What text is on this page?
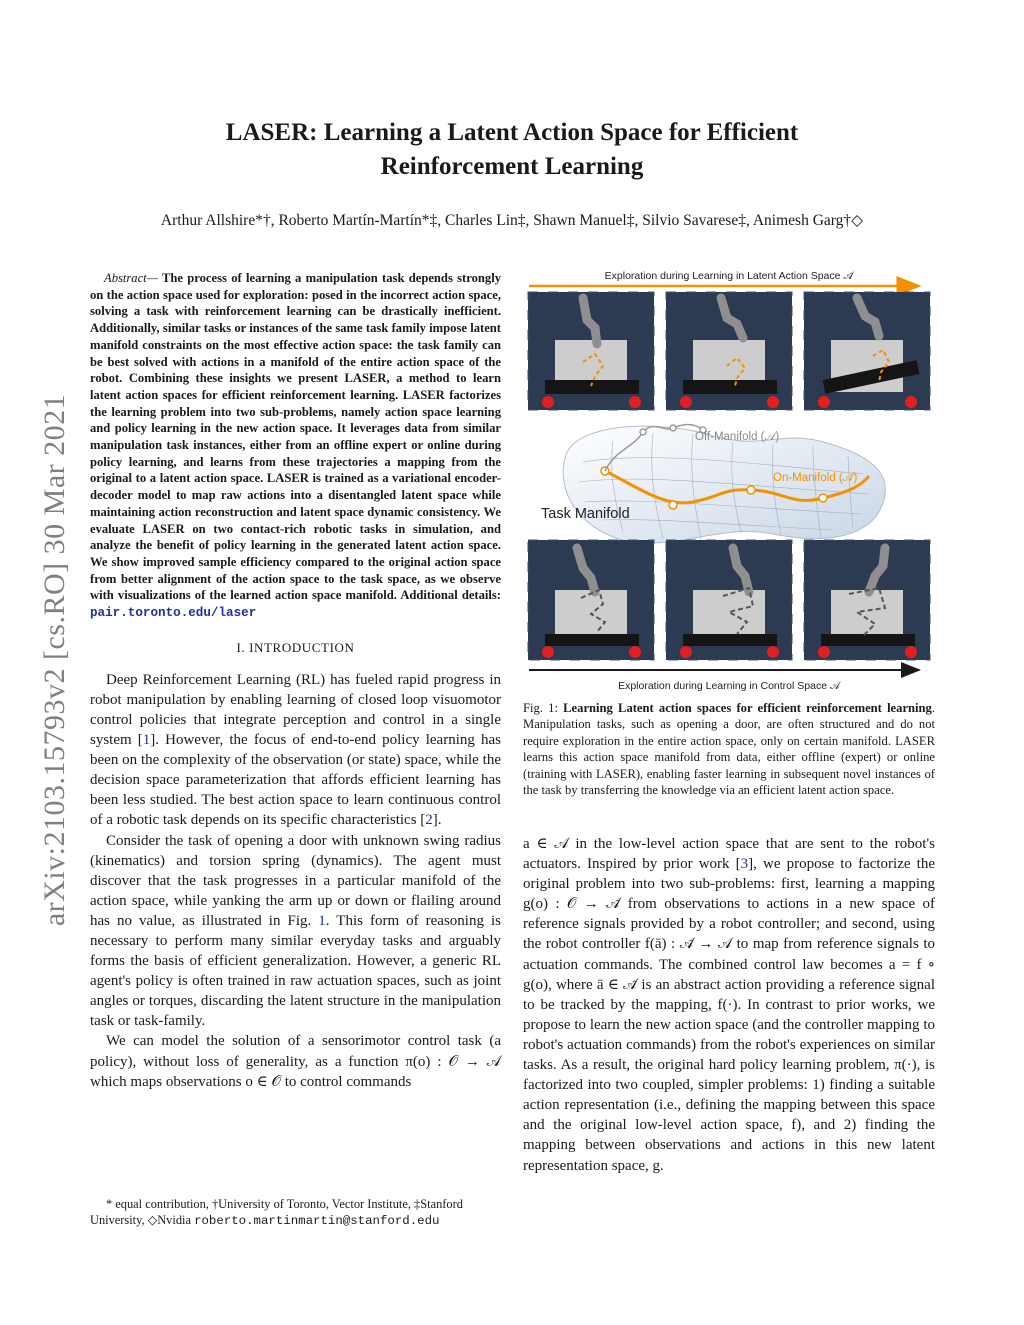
arXiv:2103.15793v2 [cs.RO] 30 Mar 2021
LASER: Learning a Latent Action Space for Efficient
Reinforcement Learning
Arthur Allshire*†, Roberto Martín-Martín*‡, Charles Lin‡, Shawn Manuel‡, Silvio Savarese‡, Animesh Garg†◇
Abstract— The process of learning a manipulation task depends strongly on the action space used for exploration: posed in the incorrect action space, solving a task with reinforcement learning can be drastically inefficient. Additionally, similar tasks or instances of the same task family impose latent manifold constraints on the most effective action space: the task family can be best solved with actions in a manifold of the entire action space of the robot. Combining these insights we present LASER, a method to learn latent action spaces for efficient reinforcement learning. LASER factorizes the learning problem into two sub-problems, namely action space learning and policy learning in the new action space. It leverages data from similar manipulation task instances, either from an offline expert or online during policy learning, and learns from these trajectories a mapping from the original to a latent action space. LASER is trained as a variational encoder-decoder model to map raw actions into a disentangled latent space while maintaining action reconstruction and latent space dynamic consistency. We evaluate LASER on two contact-rich robotic tasks in simulation, and analyze the benefit of policy learning in the generated latent action space. We show improved sample efficiency compared to the original action space from better alignment of the action space to the task space, as we observe with visualizations of the learned action space manifold. Additional details: pair.toronto.edu/laser
I. INTRODUCTION

Deep Reinforcement Learning (RL) has fueled rapid progress in robot manipulation by enabling learning of closed loop visuomotor control policies that integrate perception and control in a single system [1]. However, the focus of end-to-end policy learning has been on the complexity of the observation (or state) space, while the decision space parameterization that affords efficient learning has been less studied. The best action space to learn continuous control of a robotic task depends on its specific characteristics [2].

Consider the task of opening a door with unknown swing radius (kinematics) and torsion spring (dynamics). The agent must discover that the task progresses in a particular manifold of the action space, while yanking the arm up or down or flailing around has no value, as illustrated in Fig. 1. This form of reasoning is necessary to perform many similar everyday tasks and arguably forms the basis of efficient generalization. However, a generic RL agent's policy is often trained in raw actuation spaces, such as joint angles or torques, discarding the latent structure in the manipulation task or task-family.

We can model the solution of a sensorimotor control task (a policy), without loss of generality, as a function π(o) : 𝒪 → 𝒜 which maps observations o ∈ 𝒪 to control commands

* equal contribution, †University of Toronto, Vector Institute, ‡Stanford University, ◇Nvidia roberto.martinmartin@stanford.edu
Exploration during Learning in Latent Action Space 𝒜̄
Off-Manifold (𝒜)
On-Manifold (𝒜̄)
Task Manifold
Exploration during Learning in Control Space 𝒜
Fig. 1: Learning Latent action spaces for efficient reinforcement learning. Manipulation tasks, such as opening a door, are often structured and do not require exploration in the entire action space, only on certain manifold. LASER learns this action space manifold from data, either offline (expert) or online (training with LASER), enabling faster learning in subsequent novel instances of the task by transferring the knowledge via an efficient latent action space.
a ∈ 𝒜 in the low-level action space that are sent to the robot's actuators. Inspired by prior work [3], we propose to factorize the original problem into two sub-problems: first, learning a mapping g(o) : 𝒪 → 𝒜̄ from observations to actions in a new space of reference signals provided by a robot controller; and second, using the robot controller f(ā) : 𝒜̄ → 𝒜 to map from reference signals to actuation commands. The combined control law becomes a = f ∘ g(o), where ā ∈ 𝒜̄ is an abstract action providing a reference signal to be tracked by the mapping, f(·). In contrast to prior works, we propose to learn the new action space (and the controller mapping to robot's actuation commands) from the robot's experiences on similar tasks. As a result, the original hard policy learning problem, π(·), is factorized into two coupled, simpler problems: 1) finding a suitable action representation (i.e., defining the mapping between this space and the original low-level action space, f), and 2) finding the mapping between observations and actions in this new latent representation space, g.
